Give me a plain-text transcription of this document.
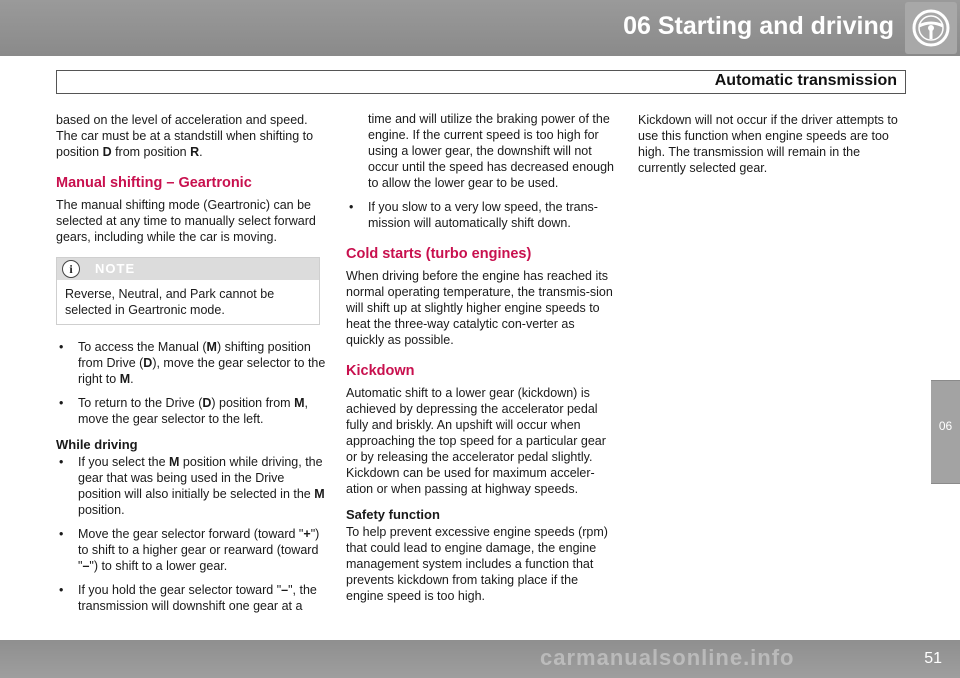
06 Starting and driving
Automatic transmission

based on the level of acceleration and speed. The car must be at a standstill when shifting to position D from position R.

Manual shifting – Geartronic

The manual shifting mode (Geartronic) can be selected at any time to manually select forward gears, including while the car is moving.

i	NOTE
Reverse, Neutral, and Park cannot be selected in Geartronic mode.
• To access the Manual (M) shifting position from Drive (D), move the gear selector to the right to M.
• To return to the Drive (D) position from M, move the gear selector to the left.
While driving
• If you select the M position while driving, the gear that was being used in the Drive position will also initially be selected in the M position.
• Move the gear selector forward (toward "+") to shift to a higher gear or rearward (toward "–") to shift to a lower gear.
• If you hold the gear selector toward "–", the transmission will downshift one gear at a
time and will utilize the braking power of the engine. If the current speed is too high for using a lower gear, the downshift will not occur until the speed has decreased enough to allow the lower gear to be used.
• If you slow to a very low speed, the trans-mission will automatically shift down.
Cold starts (turbo engines)

When driving before the engine has reached its normal operating temperature, the transmis-sion will shift up at slightly higher engine speeds to heat the three-way catalytic con-verter as quickly as possible.

Kickdown

Automatic shift to a lower gear (kickdown) is achieved by depressing the accelerator pedal fully and briskly. An upshift will occur when approaching the top speed for a particular gear or by releasing the accelerator pedal slightly. Kickdown can be used for maximum acceler-ation or when passing at highway speeds.

Safety function

To help prevent excessive engine speeds (rpm) that could lead to engine damage, the engine management system includes a function that prevents kickdown from taking place if the engine speed is too high.

Kickdown will not occur if the driver attempts to use this function when engine speeds are too high. The transmission will remain in the currently selected gear.

06
51
carmanualsonline.info
